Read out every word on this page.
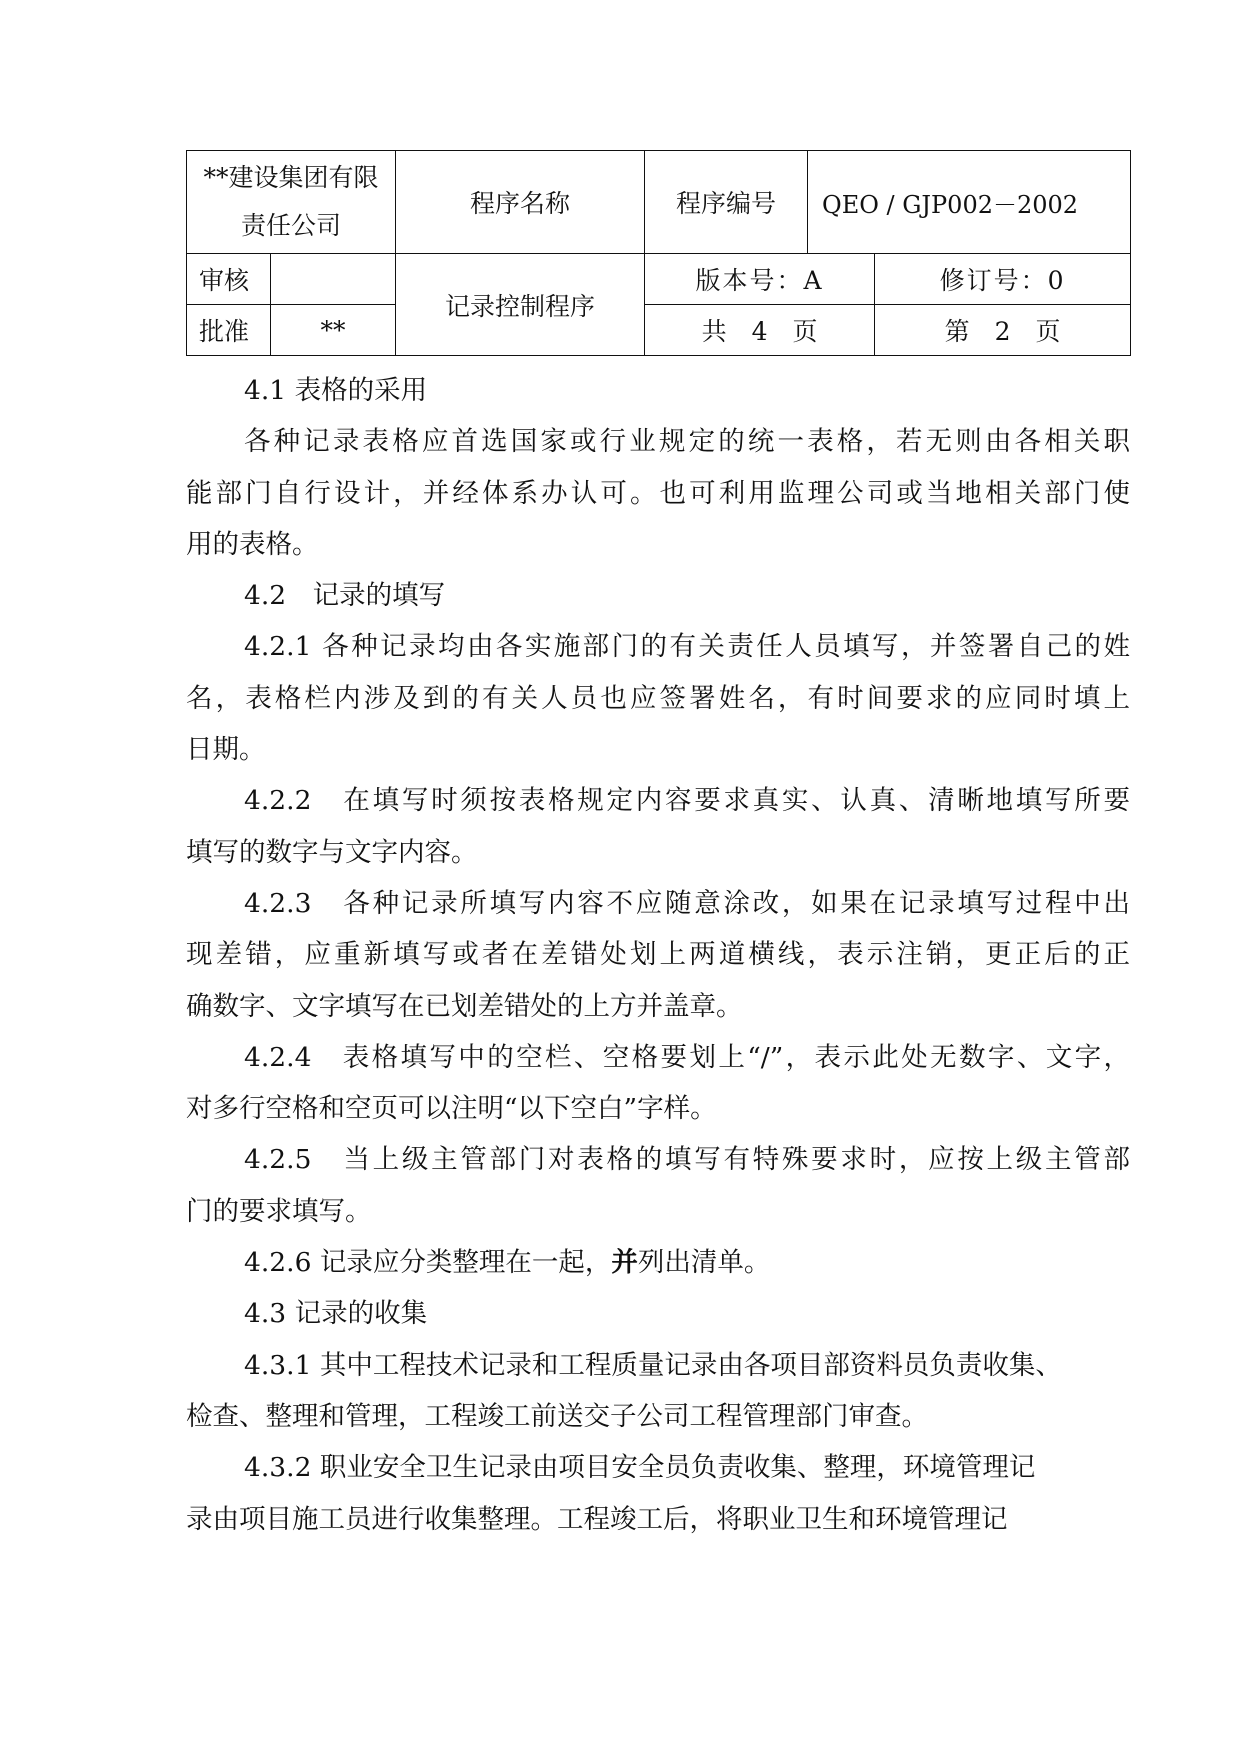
**建设集团有限
责任公司		程序名称	程序编号	QEO / GJP002－2002	
审核		记录控制程序	版本号：A		修订号：0
批准	**		共　4　页		第　2　页

4.1 表格的采用

各种记录表格应首选国家或行业规定的统一表格，若无则由各相关职

能部门自行设计，并经体系办认可。也可利用监理公司或当地相关部门使

用的表格。

4.2　记录的填写

4.2.1 各种记录均由各实施部门的有关责任人员填写，并签署自己的姓

名，表格栏内涉及到的有关人员也应签署姓名，有时间要求的应同时填上

日期。

4.2.2　在填写时须按表格规定内容要求真实、认真、清晰地填写所要

填写的数字与文字内容。

4.2.3　各种记录所填写内容不应随意涂改，如果在记录填写过程中出

现差错，应重新填写或者在差错处划上两道横线，表示注销，更正后的正

确数字、文字填写在已划差错处的上方并盖章。

4.2.4　表格填写中的空栏、空格要划上“/”，表示此处无数字、文字，

对多行空格和空页可以注明“以下空白”字样。

4.2.5　当上级主管部门对表格的填写有特殊要求时，应按上级主管部

门的要求填写。

4.2.6 记录应分类整理在一起，并列出清单。

4.3 记录的收集

4.3.1 其中工程技术记录和工程质量记录由各项目部资料员负责收集、

检查、整理和管理，工程竣工前送交子公司工程管理部门审查。

4.3.2 职业安全卫生记录由项目安全员负责收集、整理，环境管理记

录由项目施工员进行收集整理。工程竣工后，将职业卫生和环境管理记
